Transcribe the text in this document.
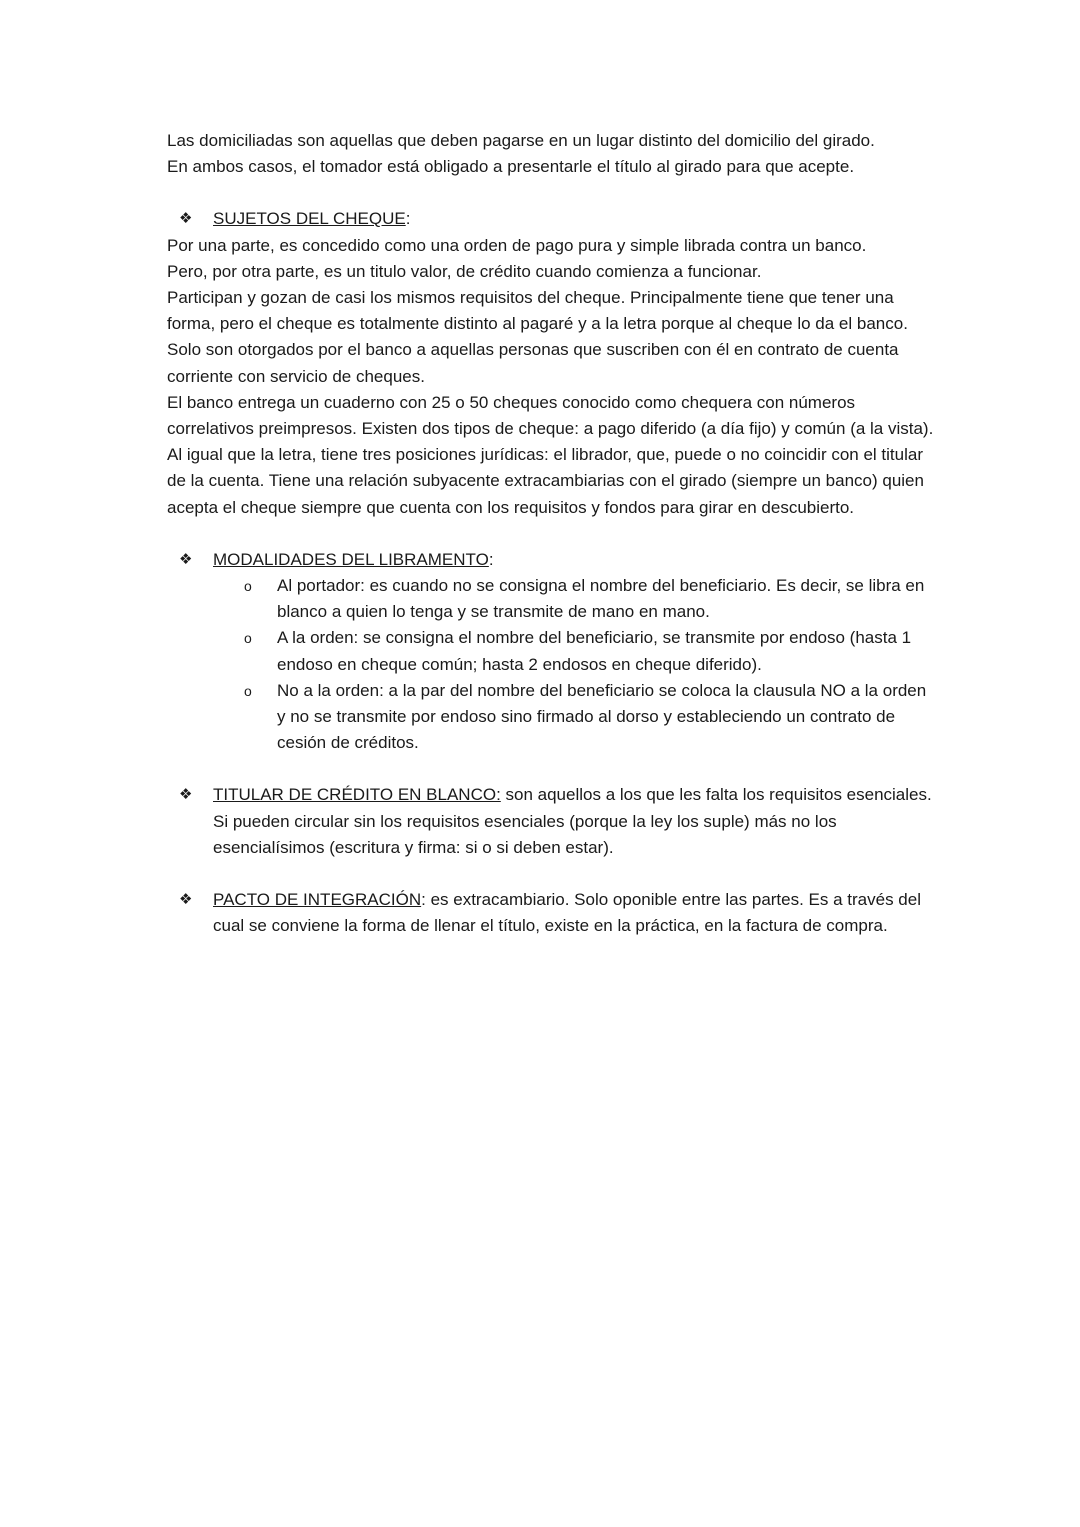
Las domiciliadas son aquellas que deben pagarse en un lugar distinto del domicilio del girado.

En ambos casos, el tomador está obligado a presentarle el título al girado para que acepte.

❖ SUJETOS DEL CHEQUE:

Por una parte, es concedido como una orden de pago pura y simple librada contra un banco.

Pero, por otra parte, es un titulo valor, de crédito cuando comienza a funcionar.

Participan y gozan de casi los mismos requisitos del cheque. Principalmente tiene que tener una forma, pero el cheque es totalmente distinto al pagaré y a la letra porque al cheque lo da el banco.

Solo son otorgados por el banco a aquellas personas que suscriben con él en contrato de cuenta corriente con servicio de cheques.

El banco entrega un cuaderno con 25 o 50 cheques conocido como chequera con números correlativos preimpresos. Existen dos tipos de cheque: a pago diferido (a día fijo) y común (a la vista).

Al igual que la letra, tiene tres posiciones jurídicas: el librador, que, puede o no coincidir con el titular de la cuenta. Tiene una relación subyacente extracambiarias con el girado (siempre un banco) quien acepta el cheque siempre que cuenta con los requisitos y fondos para girar en descubierto.

❖ MODALIDADES DEL LIBRAMENTO:

o Al portador: es cuando no se consigna el nombre del beneficiario. Es decir, se libra en blanco a quien lo tenga y se transmite de mano en mano.
o A la orden: se consigna el nombre del beneficiario, se transmite por endoso (hasta 1 endoso en cheque común; hasta 2 endosos en cheque diferido).
o No a la orden: a la par del nombre del beneficiario se coloca la clausula NO a la orden y no se transmite por endoso sino firmado al dorso y estableciendo un contrato de cesión de créditos.
❖ TITULAR DE CRÉDITO EN BLANCO: son aquellos a los que les falta los requisitos esenciales. Si pueden circular sin los requisitos esenciales (porque la ley los suple) más no los esencialísimos (escritura y firma: si o si deben estar).

❖ PACTO DE INTEGRACIÓN: es extracambiario. Solo oponible entre las partes. Es a través del cual se conviene la forma de llenar el título, existe en la práctica, en la factura de compra.
